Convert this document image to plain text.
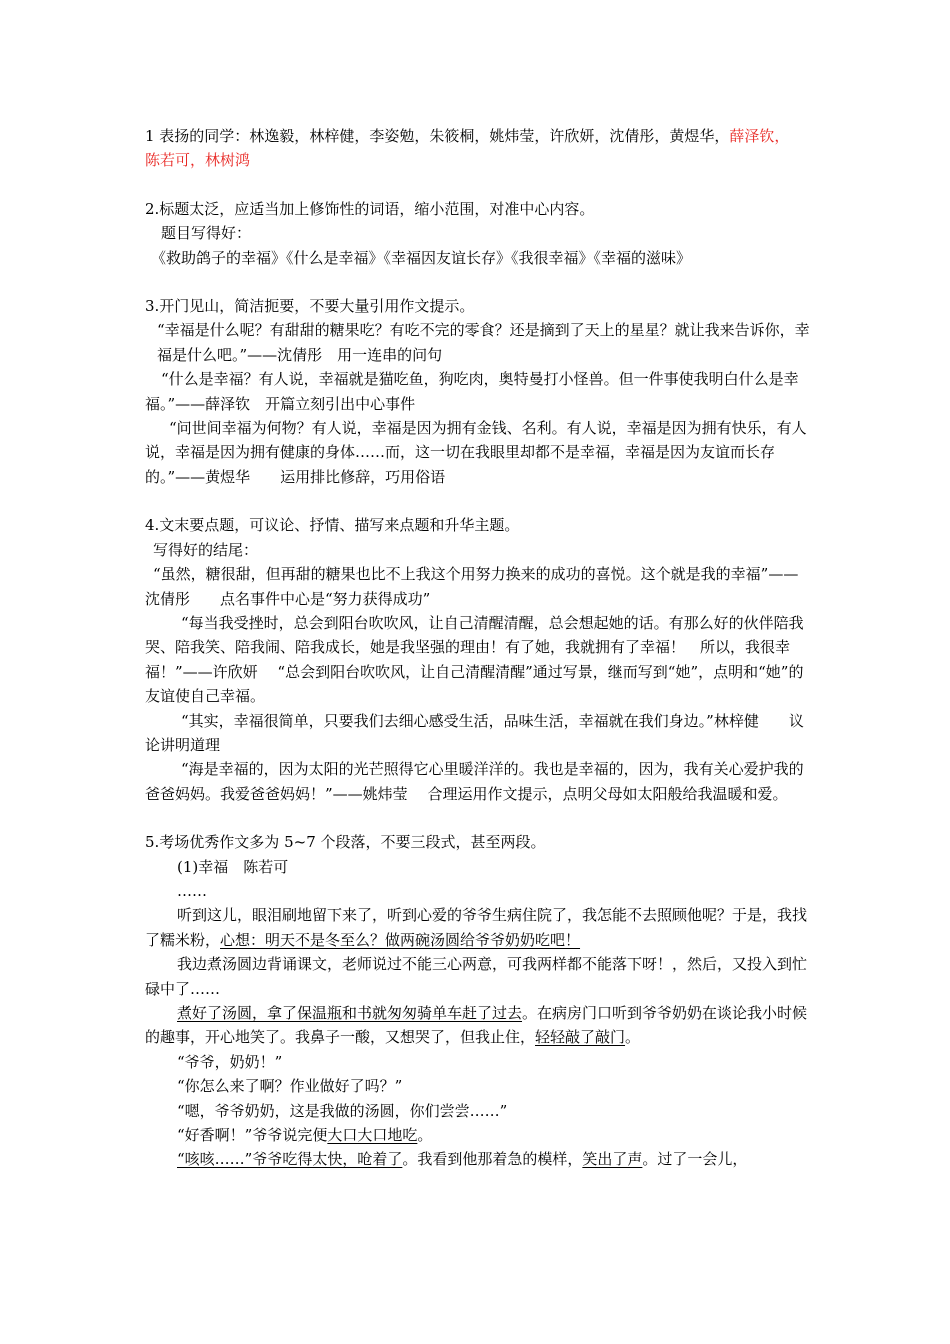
1 表扬的同学：林逸毅，林梓健，李姿勉，朱筱桐，姚炜莹，许欣妍，沈倩彤，黄煜华，薛泽钦，
陈若可，林树鸿

2.标题太泛，应适当加上修饰性的词语，缩小范围，对准中心内容。

题目写得好：

《救助鸽子的幸福》《什么是幸福》《幸福因友谊长存》《我很幸福》《幸福的滋味》

3.开门见山，简洁扼要，不要大量引用作文提示。

“幸福是什么呢？有甜甜的糖果吃？有吃不完的零食？还是摘到了天上的星星？就让我来告诉你，幸福是什么吧。”——沈倩彤　用一连串的问句

“什么是幸福？有人说，幸福就是猫吃鱼，狗吃肉，奥特曼打小怪兽。但一件事使我明白什么是幸福。”——薛泽钦　开篇立刻引出中心事件

“问世间幸福为何物？有人说，幸福是因为拥有金钱、名利。有人说，幸福是因为拥有快乐，有人说，幸福是因为拥有健康的身体……而，这一切在我眼里却都不是幸福，幸福是因为友谊而长存的。”——黄煜华　　运用排比修辞，巧用俗语

4.文末要点题，可议论、抒情、描写来点题和升华主题。

写得好的结尾：

“虽然，糖很甜，但再甜的糖果也比不上我这个用努力换来的成功的喜悦。这个就是我的幸福”—— 沈倩彤　　点名事件中心是“努力获得成功”

“每当我受挫时，总会到阳台吹吹风，让自己清醒清醒，总会想起她的话。有那么好的伙伴陪我哭、陪我笑、陪我闹、陪我成长，她是我坚强的理由！有了她，我就拥有了幸福！　所以，我很幸福！”——许欣妍　 “总会到阳台吹吹风，让自己清醒清醒”通过写景，继而写到“她”，点明和“她”的友谊使自己幸福。

“其实，幸福很简单，只要我们去细心感受生活，品味生活，幸福就在我们身边。”林梓健　　议论讲明道理

“海是幸福的，因为太阳的光芒照得它心里暖洋洋的。我也是幸福的，因为，我有关心爱护我的爸爸妈妈。我爱爸爸妈妈！”——姚炜莹　 合理运用作文提示，点明父母如太阳般给我温暖和爱。

5.考场优秀作文多为 5~7 个段落，不要三段式，甚至两段。

(1)幸福　陈若可

……

听到这儿，眼泪刷地留下来了，听到心爱的爷爷生病住院了，我怎能不去照顾他呢？于是，我找了糯米粉，心想：明天不是冬至么？做两碗汤圆给爷爷奶奶吃吧！

我边煮汤圆边背诵课文，老师说过不能三心两意，可我两样都不能落下呀！，然后，又投入到忙碌中了……

煮好了汤圆，拿了保温瓶和书就匆匆骑单车赶了过去。在病房门口听到爷爷奶奶在谈论我小时候的趣事，开心地笑了。我鼻子一酸，又想哭了，但我止住，轻轻敲了敲门。

“爷爷，奶奶！”

“你怎么来了啊？作业做好了吗？”

“嗯，爷爷奶奶，这是我做的汤圆，你们尝尝……”

“好香啊！”爷爷说完便大口大口地吃。

“咳咳……”爷爷吃得太快，呛着了。我看到他那着急的模样，笑出了声。过了一会儿，
